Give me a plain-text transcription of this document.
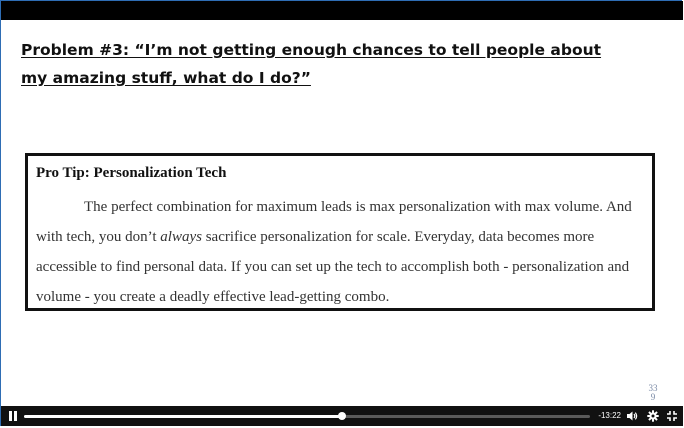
Problem #3: “I’m not getting enough chances to tell people about my amazing stuff, what do I do?”
Pro Tip: Personalization Tech

The perfect combination for maximum leads is max personalization with max volume. And with tech, you don’t always sacrifice personalization for scale. Everyday, data becomes more accessible to find personal data. If you can set up the tech to accomplish both - personalization and volume - you create a deadly effective lead-getting combo.

33
9
-13:22
